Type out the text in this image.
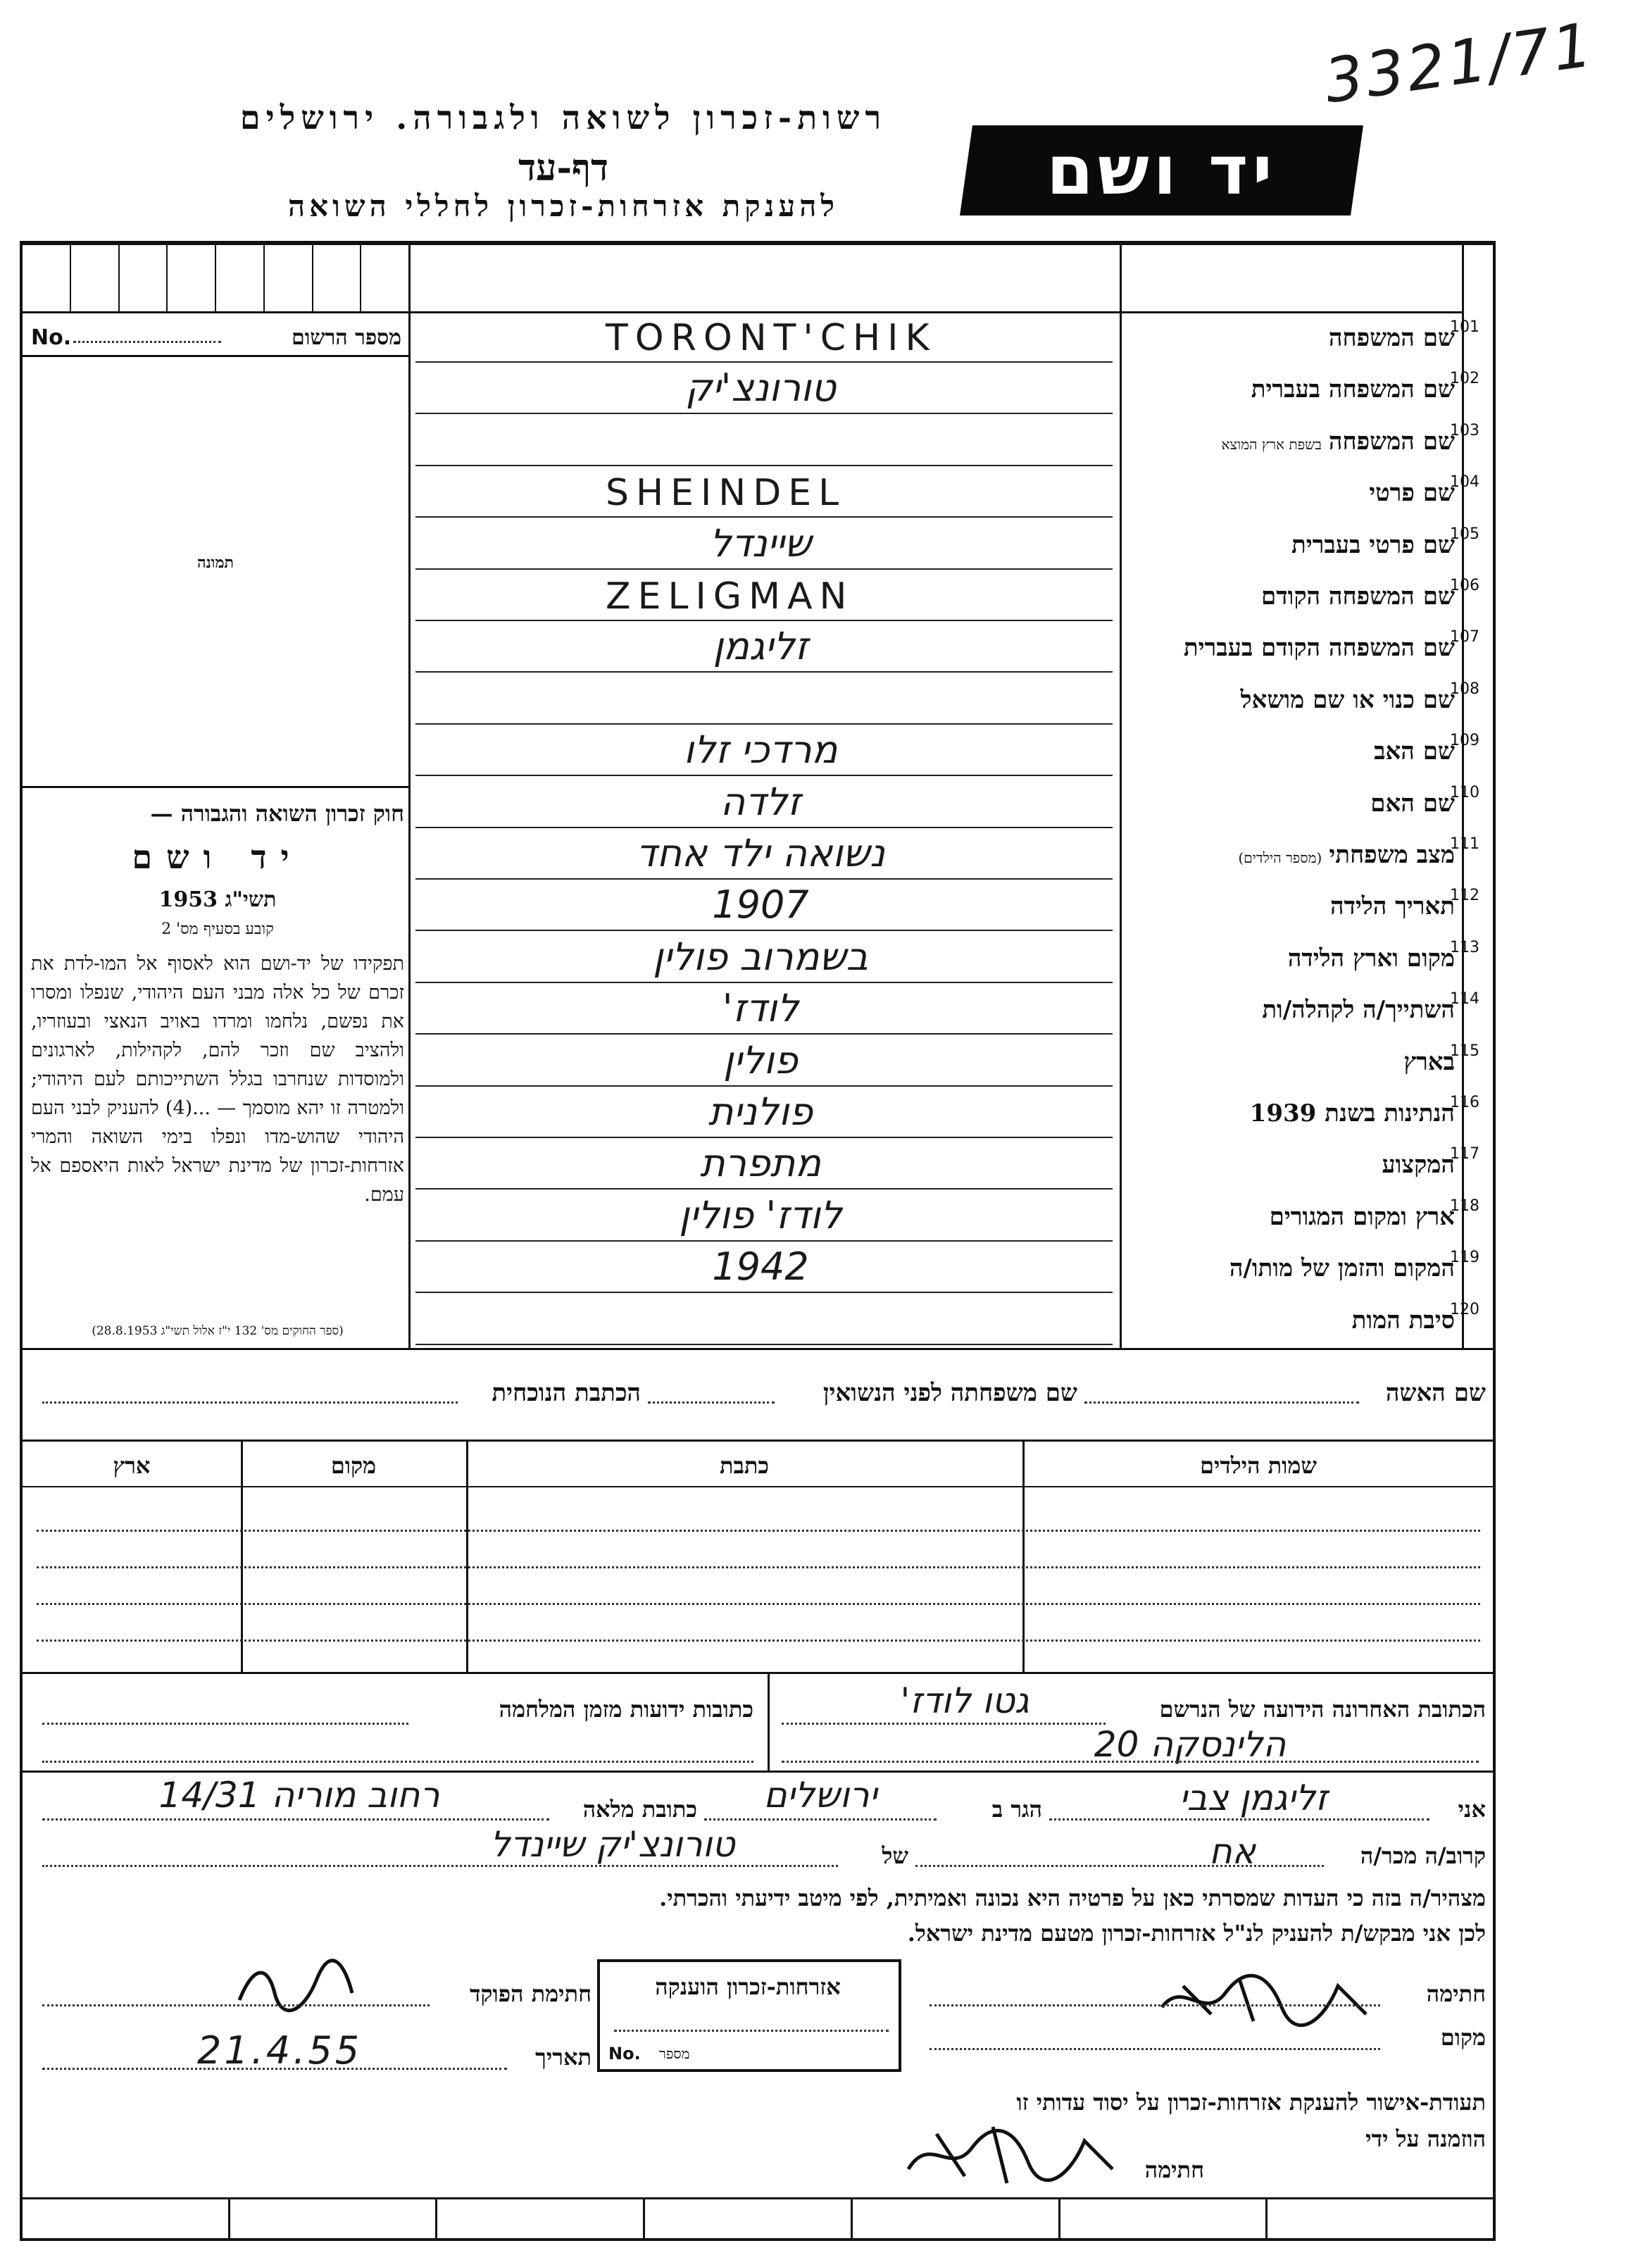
רשות-זכרון לשואה ולגבורה. ירושלים
דף-עד
להענקת אזרחות-זכרון לחללי השואה	יד ושם
3321/71
מספר הרשום
No.
תמונה
101
שם המשפחה
TORONT'CHIK
102
שם המשפחה בעברית
טורונצ'יק
103
שם המשפחהבשפת ארץ המוצא
104
שם פרטי
SHEINDEL
105
שם פרטי בעברית
שיינדל
106
שם המשפחה הקודם
ZELIGMAN
107
שם המשפחה הקודם בעברית
זליגמן
108
שם כנוי או שם מושאל
109
שם האב
מרדכי זלו
110
שם האם
זלדה
111
מצב משפחתי(מספר הילדים)
נשואה ילד אחד
112
תאריך הלידה
1907
113
מקום וארץ הלידה
בשמרוב פולין
114
השתייך/ה לקהלה/ות
לודז'
115
בארץ
פולין
116
הנתינות בשנת 1939
פולנית
117
המקצוע
מתפרת
118
ארץ ומקום המגורים
לודז' פולין
119
המקום והזמן של מותו/ה
1942
120
סיבת המות
חוק זכרון השואה והגבורה —
יד ושם
תשי"ג 1953
קובע בסעיף מס' 2

תפקידו של יד-ושם הוא לאסוף אל המו-לדת את זכרם של כל אלה מבני העם היהודי, שנפלו ומסרו את נפשם, נלחמו ומרדו באויב הנאצי ובעוזריו, ולהציב שם וזכר להם, לקהילות, לארגונים ולמוסדות שנחרבו בגלל השתייכותם לעם היהודי; ולמטרה זו יהא מוסמך — ...(4) להעניק לבני העם היהודי שהוש-מדו ונפלו בימי השואה והמרי אזרחות-זכרון של מדינת ישראל לאות היאספם אל עמם.

(ספר החוקים מס' 132 י"ז אלול תשי"ג 28.8.1953)
שם האשה
שם משפחתה לפני הנשואין
הכתבת הנוכחית
שמות הילדים
כתבת
מקום
ארץ
הכתובת האחרונה הידועה של הנרשם
גטו לודז'
הלינסקה 20
כתובות ידועות מזמן המלחמה
אני
זליגמן צבי
הגר ב
ירושלים
כתובת מלאה
רחוב מוריה 14/31
קרוב/ה מכר/ה
אח
של
טורונצ'יק שיינדל
מצהיר/ה בזה כי העדות שמסרתי כאן על פרטיה היא נכונה ואמיתית, לפי מיטב ידיעתי והכרתי.
לכן אני מבקש/ת להעניק לנ"ל אזרחות-זכרון מטעם מדינת ישראל.
חתימה
מקום
אזרחות-זכרון הוענקה
No. מספר
חתימת הפוקד
תאריך
21.4.55
תעודת-אישור להענקת אזרחות-זכרון על יסוד עדותי זו
הוזמנה על ידי
חתימה
